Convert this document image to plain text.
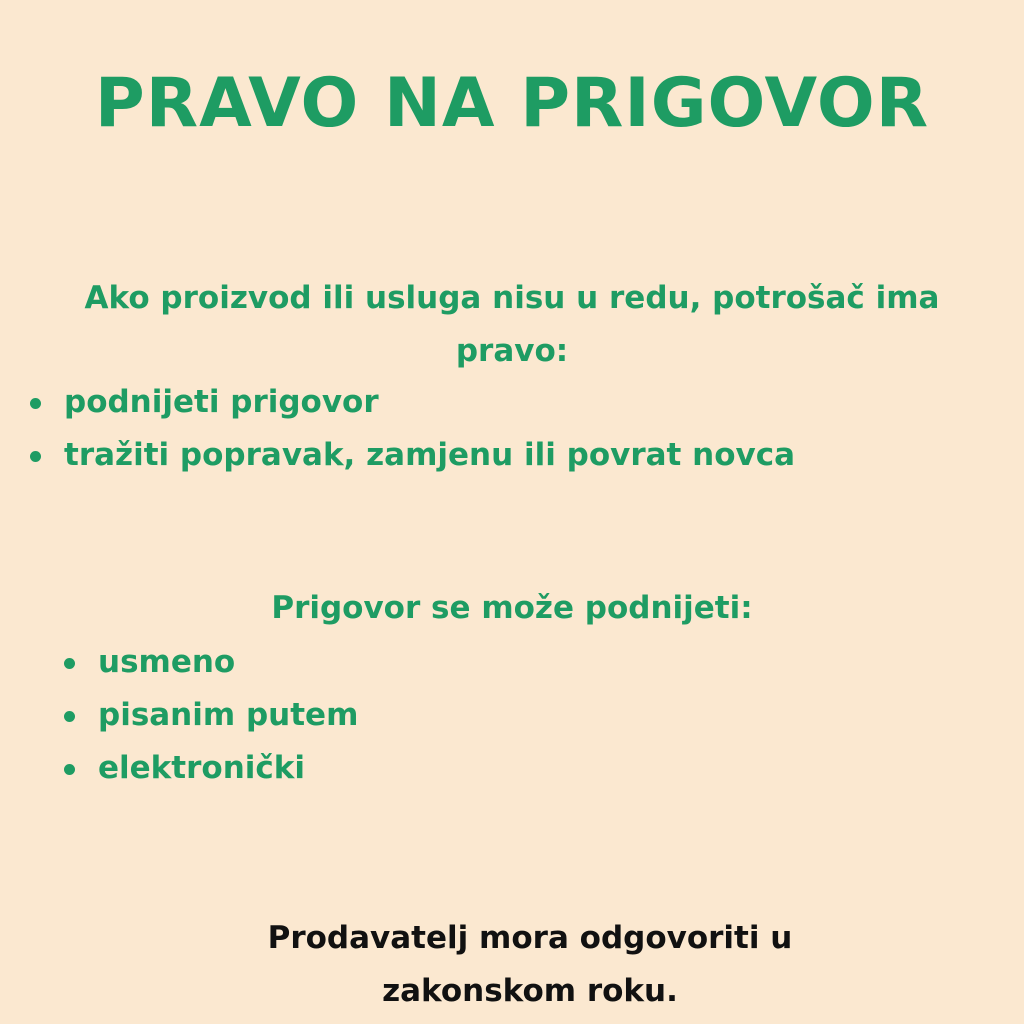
PRAVO NA PRIGOVOR
Ako proizvod ili usluga nisu u redu, potrošač ima pravo:
podnijeti prigovor
tražiti popravak, zamjenu ili povrat novca
Prigovor se može podnijeti:
usmeno
pisanim putem
elektronički
Prodavatelj mora odgovoriti u zakonskom roku.
